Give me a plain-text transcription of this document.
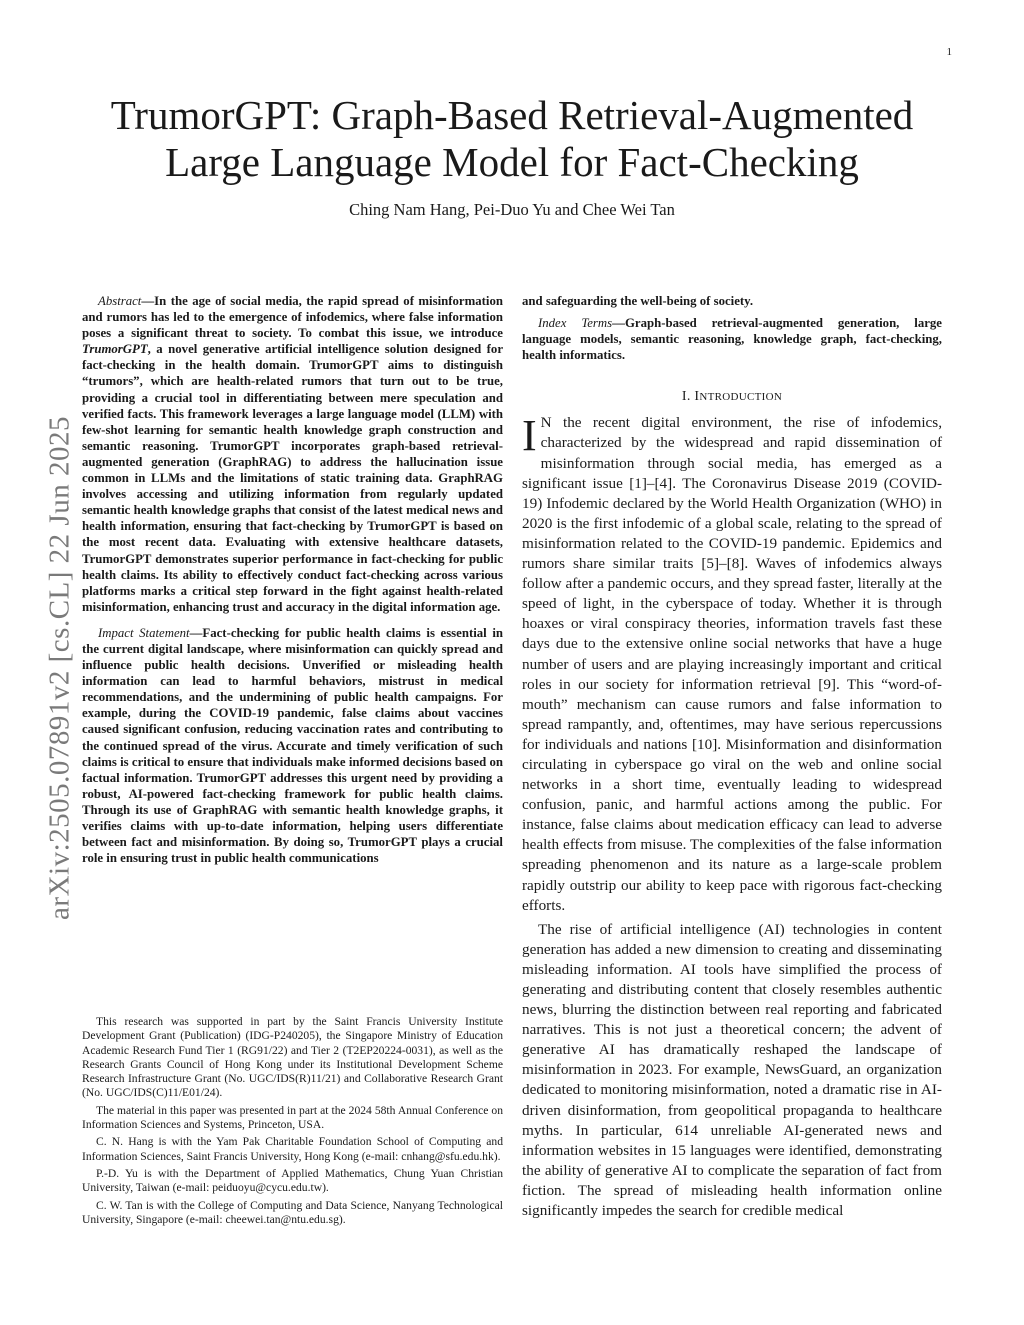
1
arXiv:2505.07891v2 [cs.CL] 22 Jun 2025
TrumorGPT: Graph-Based Retrieval-Augmented
Large Language Model for Fact-Checking
Ching Nam Hang, Pei-Duo Yu and Chee Wei Tan

Abstract—In the age of social media, the rapid spread of misinformation and rumors has led to the emergence of infodemics, where false information poses a significant threat to society. To combat this issue, we introduce TrumorGPT, a novel generative artificial intelligence solution designed for fact-checking in the health domain. TrumorGPT aims to distinguish “trumors”, which are health-related rumors that turn out to be true, providing a crucial tool in differentiating between mere speculation and verified facts. This framework leverages a large language model (LLM) with few-shot learning for semantic health knowledge graph construction and semantic reasoning. TrumorGPT incorporates graph-based retrieval-augmented generation (GraphRAG) to address the hallucination issue common in LLMs and the limitations of static training data. GraphRAG involves accessing and utilizing information from regularly updated semantic health knowledge graphs that consist of the latest medical news and health information, ensuring that fact-checking by TrumorGPT is based on the most recent data. Evaluating with extensive healthcare datasets, TrumorGPT demonstrates superior performance in fact-checking for public health claims. Its ability to effectively conduct fact-checking across various platforms marks a critical step forward in the fight against health-related misinformation, enhancing trust and accuracy in the digital information age.

Impact Statement—Fact-checking for public health claims is essential in the current digital landscape, where misinformation can quickly spread and influence public health decisions. Unverified or misleading health information can lead to harmful behaviors, mistrust in medical recommendations, and the undermining of public health campaigns. For example, during the COVID-19 pandemic, false claims about vaccines caused significant confusion, reducing vaccination rates and contributing to the continued spread of the virus. Accurate and timely verification of such claims is critical to ensure that individuals make informed decisions based on factual information. TrumorGPT addresses this urgent need by providing a robust, AI-powered fact-checking framework for public health claims. Through its use of GraphRAG with semantic health knowledge graphs, it verifies claims with up-to-date information, helping users differentiate between fact and misinformation. By doing so, TrumorGPT plays a crucial role in ensuring trust in public health communications

This research was supported in part by the Saint Francis University Institute Development Grant (Publication) (IDG-P240205), the Singapore Ministry of Education Academic Research Fund Tier 1 (RG91/22) and Tier 2 (T2EP20224-0031), as well as the Research Grants Council of Hong Kong under its Institutional Development Scheme Research Infrastructure Grant (No. UGC/IDS(R)11/21) and Collaborative Research Grant (No. UGC/IDS(C)11/E01/24).

The material in this paper was presented in part at the 2024 58th Annual Conference on Information Sciences and Systems, Princeton, USA.

C. N. Hang is with the Yam Pak Charitable Foundation School of Computing and Information Sciences, Saint Francis University, Hong Kong (e-mail: cnhang@sfu.edu.hk).

P.-D. Yu is with the Department of Applied Mathematics, Chung Yuan Christian University, Taiwan (e-mail: peiduoyu@cycu.edu.tw).

C. W. Tan is with the College of Computing and Data Science, Nanyang Technological University, Singapore (e-mail: cheewei.tan@ntu.edu.sg).

and safeguarding the well-being of society.

Index Terms—Graph-based retrieval-augmented generation, large language models, semantic reasoning, knowledge graph, fact-checking, health informatics.

I. INTRODUCTION

I N the recent digital environment, the rise of infodemics, characterized by the widespread and rapid dissemination of misinformation through social media, has emerged as a significant issue [1]–[4]. The Coronavirus Disease 2019 (COVID-19) Infodemic declared by the World Health Organization (WHO) in 2020 is the first infodemic of a global scale, relating to the spread of misinformation related to the COVID-19 pandemic. Epidemics and rumors share similar traits [5]–[8]. Waves of infodemics always follow after a pandemic occurs, and they spread faster, literally at the speed of light, in the cyberspace of today. Whether it is through hoaxes or viral conspiracy theories, information travels fast these days due to the extensive online social networks that have a huge number of users and are playing increasingly important and critical roles in our society for information retrieval [9]. This “word-of-mouth” mechanism can cause rumors and false information to spread rampantly, and, oftentimes, may have serious repercussions for individuals and nations [10]. Misinformation and disinformation circulating in cyberspace go viral on the web and online social networks in a short time, eventually leading to widespread confusion, panic, and harmful actions among the public. For instance, false claims about medication efficacy can lead to adverse health effects from misuse. The complexities of the false information spreading phenomenon and its nature as a large-scale problem rapidly outstrip our ability to keep pace with rigorous fact-checking efforts.

The rise of artificial intelligence (AI) technologies in content generation has added a new dimension to creating and disseminating misleading information. AI tools have simplified the process of generating and distributing content that closely resembles authentic news, blurring the distinction between real reporting and fabricated narratives. This is not just a theoretical concern; the advent of generative AI has dramatically reshaped the landscape of misinformation in 2023. For example, NewsGuard, an organization dedicated to monitoring misinformation, noted a dramatic rise in AI-driven disinformation, from geopolitical propaganda to healthcare myths. In particular, 614 unreliable AI-generated news and information websites in 15 languages were identified, demonstrating the ability of generative AI to complicate the separation of fact from fiction. The spread of misleading health information online significantly impedes the search for credible medical
